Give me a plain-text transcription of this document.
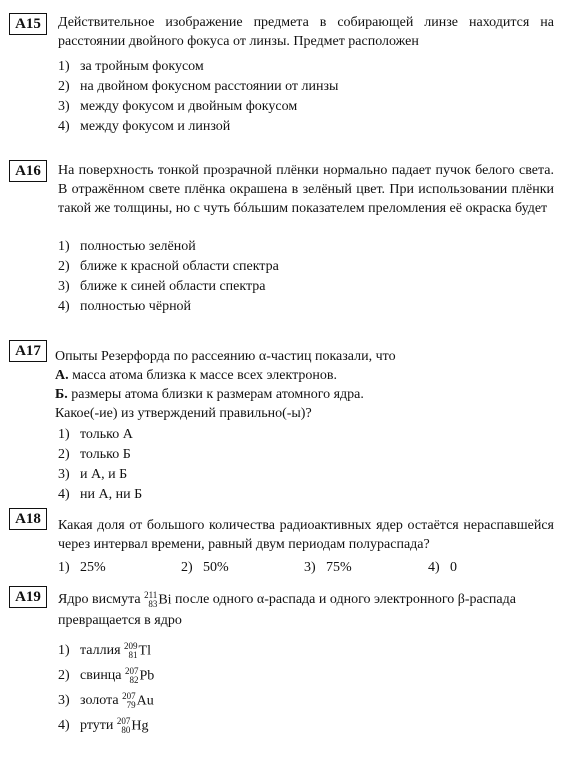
A15	Действительное изображение предмета в собирающей линзе находится на расстоянии двойного фокуса от линзы. Предмет расположен
1) за тройным фокусом
2) на двойном фокусном расстоянии от линзы
3) между фокусом и двойным фокусом
4) между фокусом и линзой
A16	На поверхность тонкой прозрачной плёнки нормально падает пучок белого света. В отражённом свете плёнка окрашена в зелёный цвет. При использовании плёнки такой же толщины, но с чуть бóльшим показателем преломления её окраска будет
1) полностью зелёной
2) ближе к красной области спектра
3) ближе к синей области спектра
4) полностью чёрной
A17	Опыты Резерфорда по рассеянию α-частиц показали, что
А. масса атома близка к массе всех электронов.
Б. размеры атома близки к размерам атомного ядра.
Какое(-ие) из утверждений правильно(-ы)?
1) только А
2) только Б
3) и А, и Б
4) ни А, ни Б
A18	Какая доля от большого количества радиоактивных ядер остаётся нераспавшейся через интервал времени, равный двум периодам полураспада?
1) 25%	2) 50%	3) 75%	4) 0
A19	Ядро висмута 211
83 Bi после одного α-распада и одного электронного β-распада превращается в ядро
1) таллия 209
81 Tl
2) свинца 207
82 Pb
3) золота 207
79 Au
4) ртути 207
80 Hg
